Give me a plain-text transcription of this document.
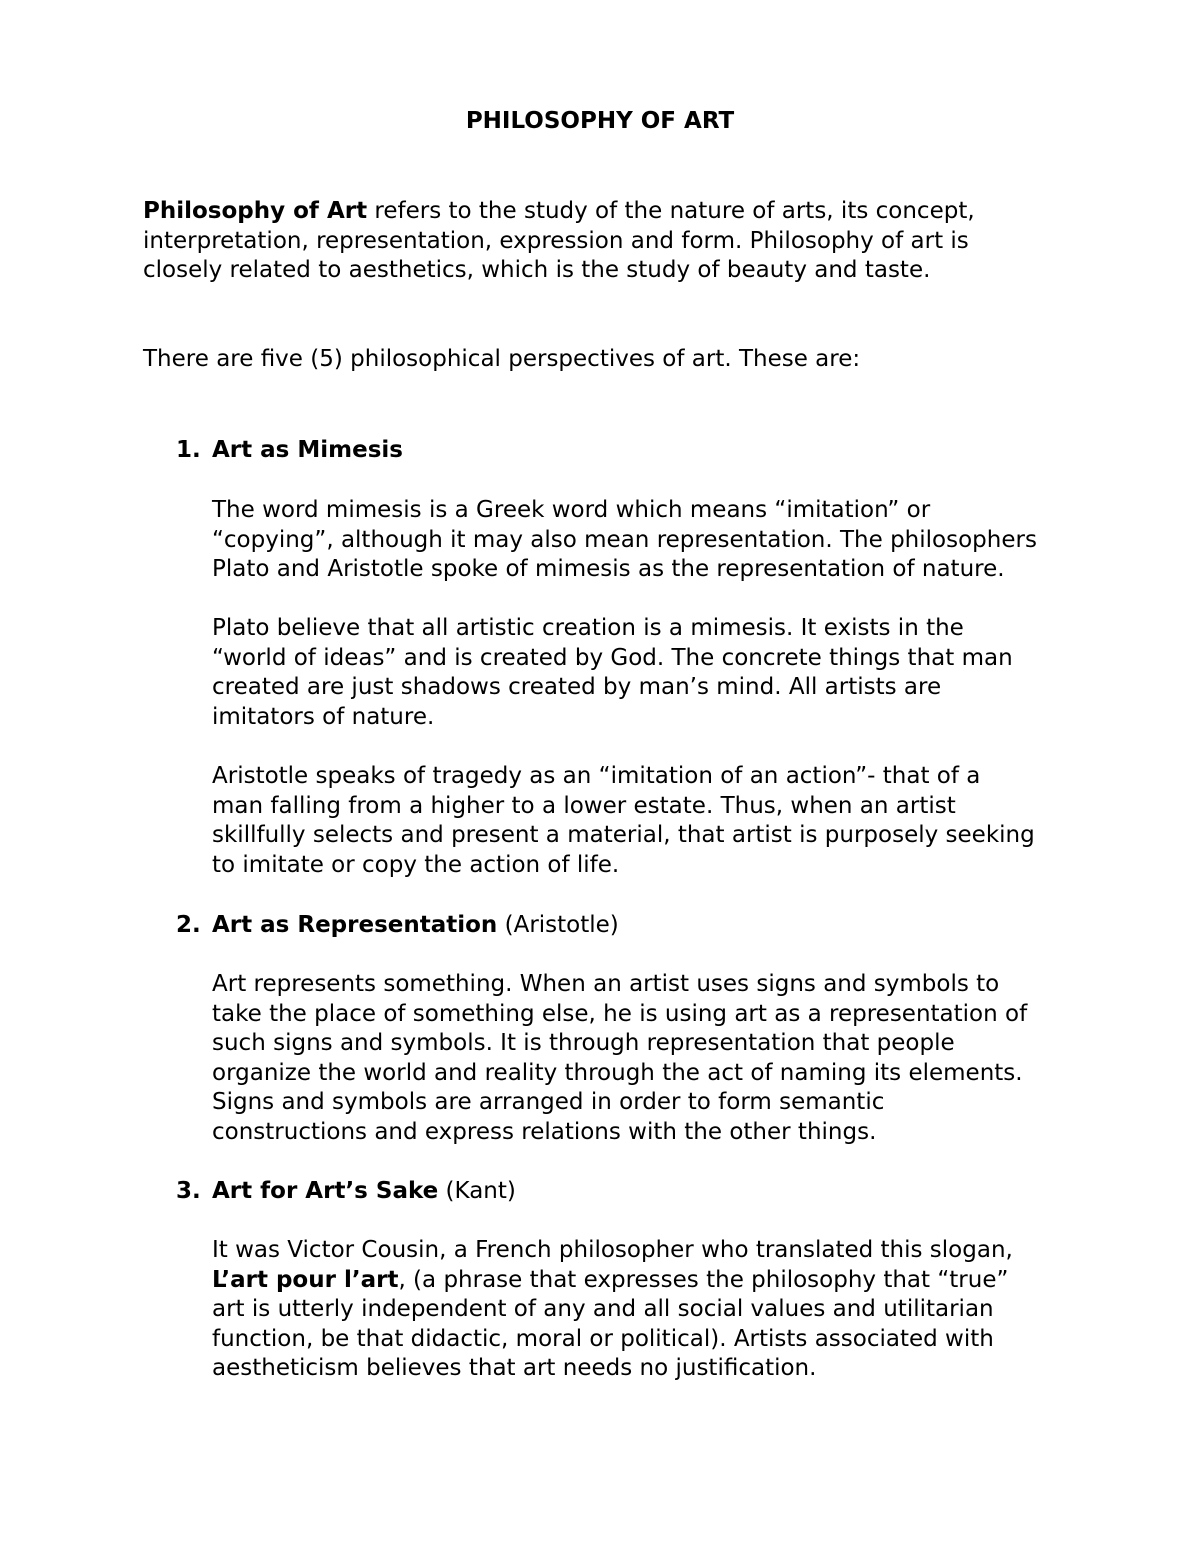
PHILOSOPHY OF ART

Philosophy of Art refers to the study of the nature of arts, its concept,
interpretation, representation, expression and form. Philosophy of art is
closely related to aesthetics, which is the study of beauty and taste.

There are five (5) philosophical perspectives of art. These are:

1. Art as Mimesis

The word mimesis is a Greek word which means “imitation” or
“copying”, although it may also mean representation. The philosophers
Plato and Aristotle spoke of mimesis as the representation of nature.

Plato believe that all artistic creation is a mimesis. It exists in the
“world of ideas” and is created by God. The concrete things that man
created are just shadows created by man’s mind. All artists are
imitators of nature.

Aristotle speaks of tragedy as an “imitation of an action”- that of a
man falling from a higher to a lower estate. Thus, when an artist
skillfully selects and present a material, that artist is purposely seeking
to imitate or copy the action of life.

2. Art as Representation (Aristotle)

Art represents something. When an artist uses signs and symbols to
take the place of something else, he is using art as a representation of
such signs and symbols. It is through representation that people
organize the world and reality through the act of naming its elements.
Signs and symbols are arranged in order to form semantic
constructions and express relations with the other things.

3. Art for Art’s Sake (Kant)

It was Victor Cousin, a French philosopher who translated this slogan,
L’art pour l’art, (a phrase that expresses the philosophy that “true”
art is utterly independent of any and all social values and utilitarian
function, be that didactic, moral or political). Artists associated with
aestheticism believes that art needs no justification.
